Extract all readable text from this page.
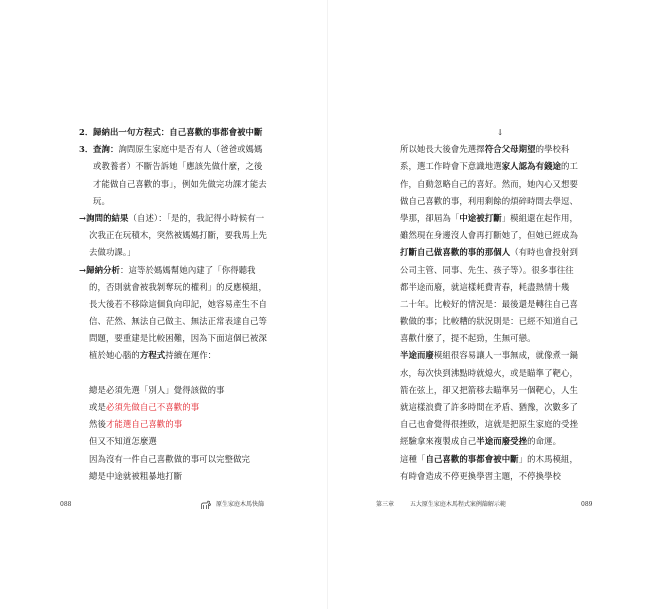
2．歸納出一句方程式：自己喜歡的事都會被中斷
3．查詢：詢問原生家庭中是否有人（爸爸或媽媽
或教養者）不斷告訴她「應該先做什麼，之後
才能做自己喜歡的事」，例如先做完功課才能去
玩。
→詢問的結果（自述）：「是的，我記得小時候有一
次我正在玩積木，突然被媽媽打斷，要我馬上先
去做功課。」
→歸納分析：這等於媽媽幫她內建了「你得聽我
的，否則就會被我剝奪玩的權利」的反應模組，
長大後若不移除這個負向印記，她容易產生不自
信、茫然、無法自己做主、無法正常表達自己等
問題，要重建是比較困難，因為下面這個已被深
植於她心腦的方程式持續在運作：
總是必須先選「別人」覺得該做的事
或是必須先做自己不喜歡的事
然後才能選自己喜歡的事
但又不知道怎麼選
因為沒有一件自己喜歡做的事可以完整做完
總是中途就被粗暴地打斷
↓
所以她長大後會先選擇符合父母期望的學校科
系，選工作時會下意識地選家人認為有錢途的工
作，自動忽略自己的喜好。然而，她內心又想要
做自己喜歡的事，利用剩餘的煩碎時間去學逗、
學那，卻屆為「中途被打斷」模組還在起作用，
雖然現在身邊沒人會再打斷她了，但她已經成為
打斷自己做喜歡的事的那個人（有時也會投射到
公司主管、同事、先生、孩子等）。很多事往往
都半途而廢，就這樣耗費青春，耗盡熱情十幾
二十年。比較好的情況是：最後還是轉往自己喜
歡做的事；比較糟的狀況則是：已經不知道自己
喜歡什麼了，提不起勁，生無可戀。
半途而廢模組很容易讓人一事無成，就像煮一鍋
水，每次快到沸點時就熄火，或是瞄準了靶心，
箭在弦上，卻又把箭移去瞄準另一個靶心，人生
就這樣浪費了許多時間在矛盾、猶豫，次數多了
自己也會覺得很挫敗，這就是把原生家庭的受挫
經驗拿來複製成自己半途而廢受挫的命運。
這種「自己喜歡的事都會被中斷」的木馬模組，
有時會造成不停更換學習主題，不停換學校
088	原生家庭木馬快篩	第三章	五大原生家庭木馬程式案例篩解示範	089
